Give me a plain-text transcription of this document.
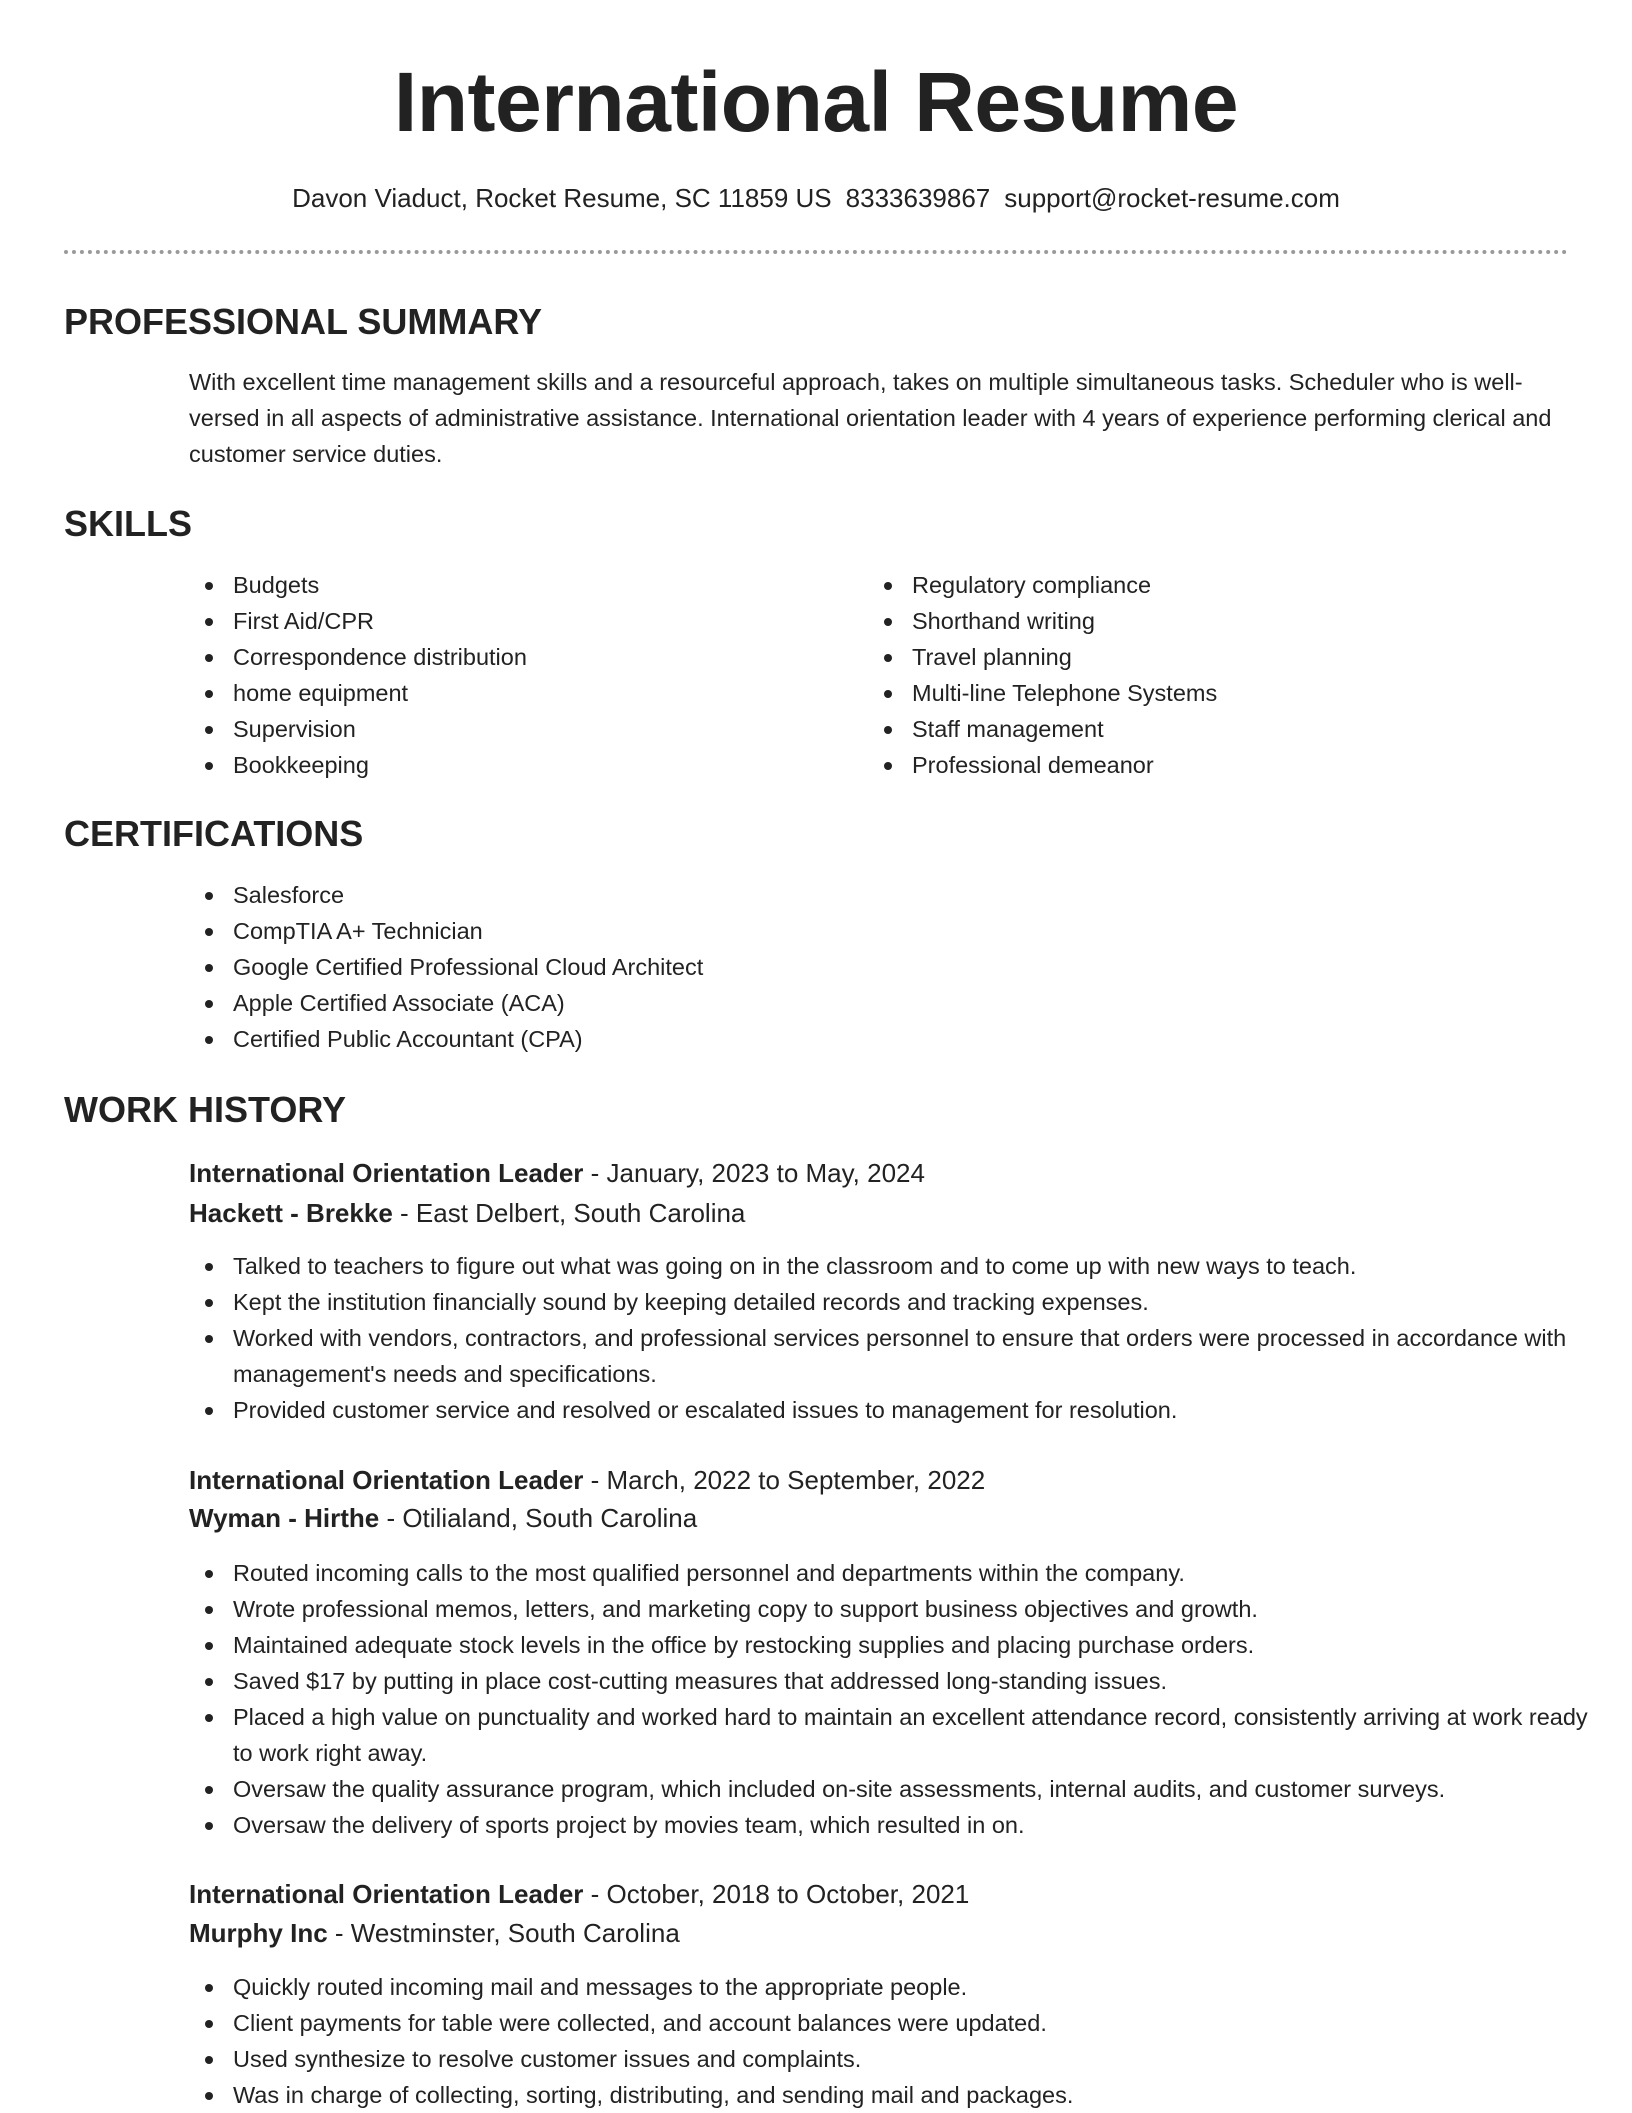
International Resume
Davon Viaduct, Rocket Resume, SC 11859 US 8333639867 support@rocket-resume.com
PROFESSIONAL SUMMARY

With excellent time management skills and a resourceful approach, takes on multiple simultaneous tasks. Scheduler who is well-versed in all aspects of administrative assistance. International orientation leader with 4 years of experience performing clerical and customer service duties.

SKILLS
Budgets
First Aid/CPR
Correspondence distribution
home equipment
Supervision
Bookkeeping
Regulatory compliance
Shorthand writing
Travel planning
Multi-line Telephone Systems
Staff management
Professional demeanor
CERTIFICATIONS
Salesforce
CompTIA A+ Technician
Google Certified Professional Cloud Architect
Apple Certified Associate (ACA)
Certified Public Accountant (CPA)
WORK HISTORY

International Orientation Leader - January, 2023 to May, 2024

Hackett - Brekke - East Delbert, South Carolina

Talked to teachers to figure out what was going on in the classroom and to come up with new ways to teach.
Kept the institution financially sound by keeping detailed records and tracking expenses.
Worked with vendors, contractors, and professional services personnel to ensure that orders were processed in accordance with management's needs and specifications.
Provided customer service and resolved or escalated issues to management for resolution.

International Orientation Leader - March, 2022 to September, 2022

Wyman - Hirthe - Otilialand, South Carolina

Routed incoming calls to the most qualified personnel and departments within the company.
Wrote professional memos, letters, and marketing copy to support business objectives and growth.
Maintained adequate stock levels in the office by restocking supplies and placing purchase orders.
Saved $17 by putting in place cost-cutting measures that addressed long-standing issues.
Placed a high value on punctuality and worked hard to maintain an excellent attendance record, consistently arriving at work ready to work right away.
Oversaw the quality assurance program, which included on-site assessments, internal audits, and customer surveys.
Oversaw the delivery of sports project by movies team, which resulted in on.

International Orientation Leader - October, 2018 to October, 2021

Murphy Inc - Westminster, South Carolina

Quickly routed incoming mail and messages to the appropriate people.
Client payments for table were collected, and account balances were updated.
Used synthesize to resolve customer issues and complaints.
Was in charge of collecting, sorting, distributing, and sending mail and packages.
